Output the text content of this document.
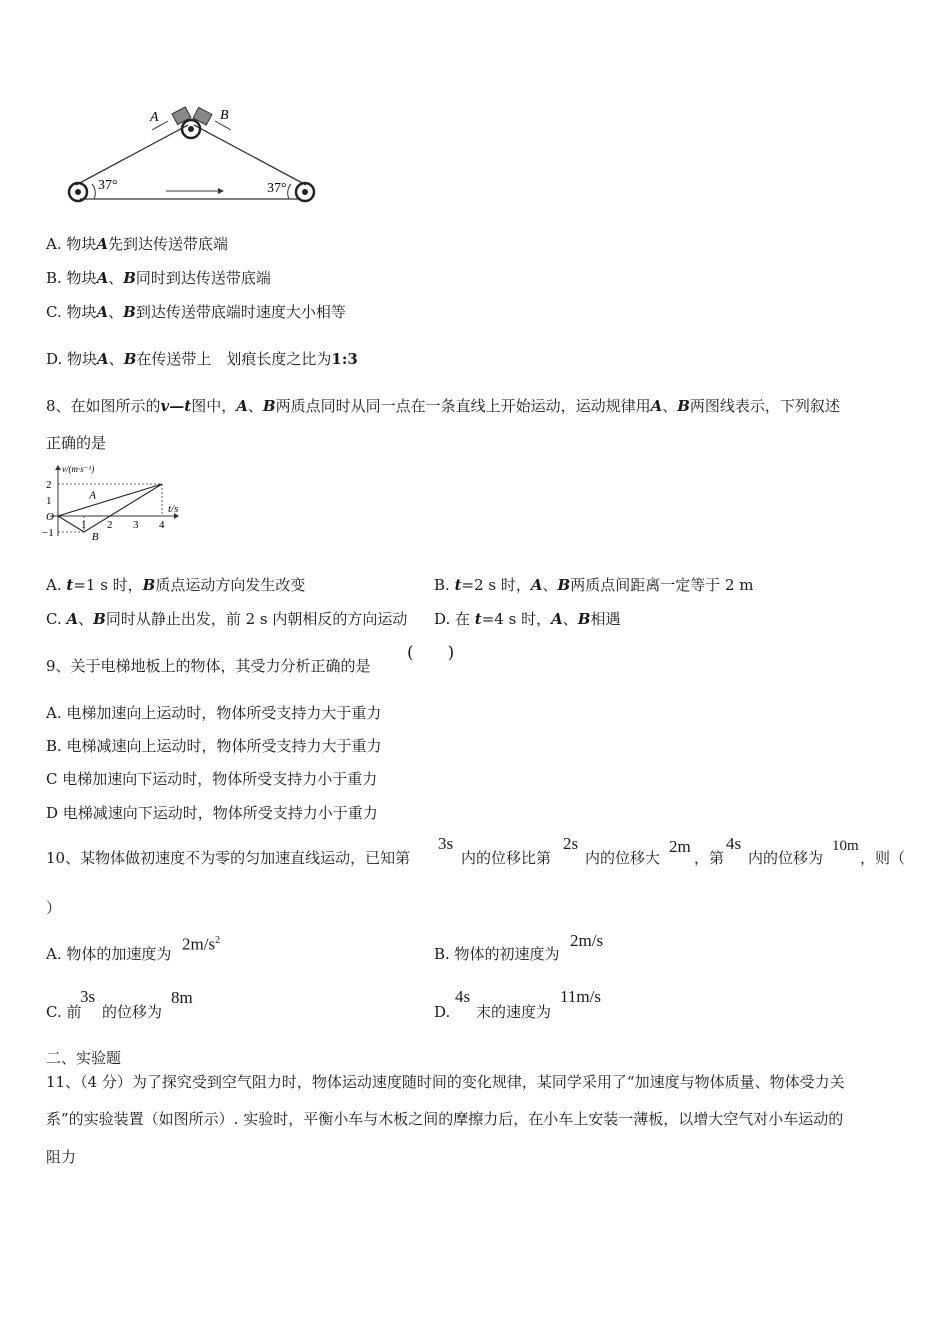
A	B
37°	37°
A. 物块A先到达传送带底端
B. 物块A、B同时到达传送带底端
C. 物块A、B到达传送带底端时速度大小相等
D. 物块A、B在传送带上　划痕长度之比为1:3
8、在如图所示的v—t图中，A、B两质点同时从同一点在一条直线上开始运动，运动规律用A、B两图线表示，下列叙述
正确的是
A
B
v/(m·s⁻¹)
t/s
O
2
1
−1
1 2 3 4
A. t=1 s 时，B质点运动方向发生改变	B. t=2 s 时，A、B两质点间距离一定等于 2 m
C. A、B同时从静止出发，前 2 s 内朝相反的方向运动 D. 在 t=4 s 时，A、B相遇
9、关于电梯地板上的物体，其受力分析正确的是
(　　)
A. 电梯加速向上运动时，物体所受支持力大于重力
B. 电梯减速向上运动时，物体所受支持力大于重力
C 电梯加速向下运动时，物体所受支持力小于重力
D 电梯减速向下运动时，物体所受支持力小于重力
10、某物体做初速度不为零的匀加速直线运动，已知第
3s
内的位移比第
2s
内的位移大
2m
，第
4s
内的位移为
10m
，则（
）
A. 物体的加速度为
$2m/s^2$
B. 物体的初速度为
2m/s
C. 前
3s
的位移为
8m
D.
4s
末的速度为
11m/s
二、实验题
11、（4 分）为了探究受到空气阻力时，物体运动速度随时间的变化规律，某同学采用了“加速度与物体质量、物体受力关
系”的实验装置（如图所示）. 实验时，平衡小车与木板之间的摩擦力后，在小车上安装一薄板，以增大空气对小车运动的
阻力
